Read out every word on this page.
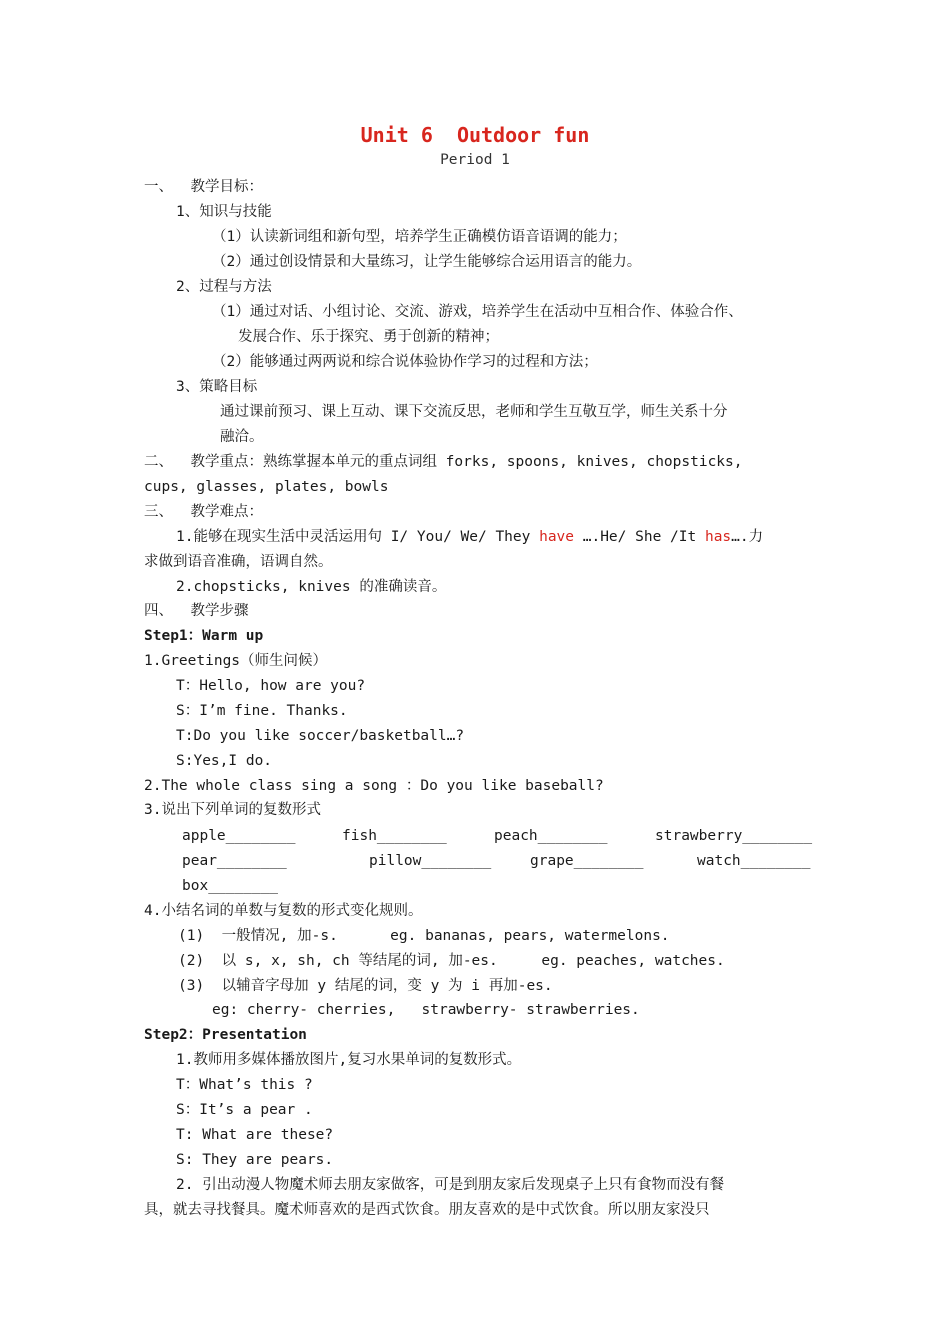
Unit 6  Outdoor fun
Period 1
一、  教学目标：
1、知识与技能
（1）认读新词组和新句型，培养学生正确模仿语音语调的能力；
（2）通过创设情景和大量练习，让学生能够综合运用语言的能力。
2、过程与方法
（1）通过对话、小组讨论、交流、游戏，培养学生在活动中互相合作、体验合作、
发展合作、乐于探究、勇于创新的精神；
（2）能够通过两两说和综合说体验协作学习的过程和方法；
3、策略目标
通过课前预习、课上互动、课下交流反思，老师和学生互敬互学，师生关系十分
融洽。
二、  教学重点：熟练掌握本单元的重点词组 forks, spoons, knives, chopsticks,
cups, glasses, plates, bowls
三、  教学难点：
1.能够在现实生活中灵活运用句 I/ You/ We/ They have ….He/ She /It has….力
求做到语音准确，语调自然。
2.chopsticks, knives 的准确读音。
四、  教学步骤
Step1：Warm up
1.Greetings（师生问候）
T：Hello, how are you?
S：I’m fine. Thanks.
T:Do you like soccer/basketball…?
S:Yes,I do.
2.The whole class sing a song ：Do you like baseball?
3.说出下列单词的复数形式
apple________	fish________	peach________	strawberry________
pear________	pillow________	grape________	watch________
box________
4.小结名词的单数与复数的形式变化规则。
(1)  一般情况, 加-s.      eg. bananas, pears, watermelons.
(2)  以 s, x, sh, ch 等结尾的词, 加-es.     eg. peaches, watches.
(3)  以辅音字母加 y 结尾的词，变 y 为 i 再加-es.
eg: cherry- cherries,   strawberry- strawberries.
Step2：Presentation
1.教师用多媒体播放图片,复习水果单词的复数形式。
T：What’s this ?
S：It’s a pear .
T: What are these?
S: They are pears.
2. 引出动漫人物魔术师去朋友家做客，可是到朋友家后发现桌子上只有食物而没有餐
具，就去寻找餐具。魔术师喜欢的是西式饮食。朋友喜欢的是中式饮食。所以朋友家没只
